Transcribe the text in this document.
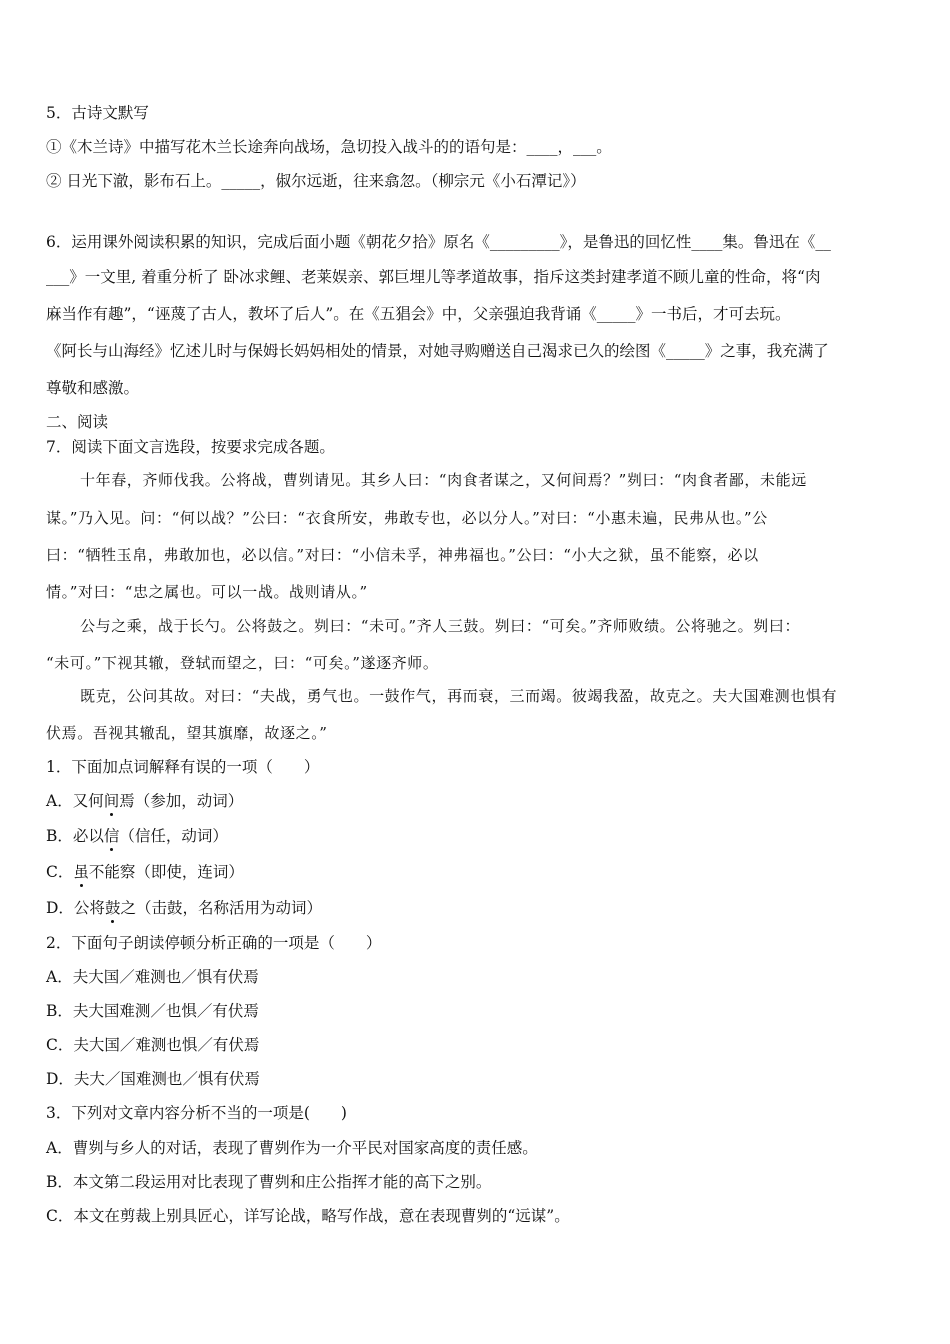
5．古诗文默写
①《木兰诗》中描写花木兰长途奔向战场，急切投入战斗的的语句是：____，___。
② 日光下澈，影布石上。_____，俶尔远逝，往来翕忽。（柳宗元《小石潭记》）
6．运用课外阅读积累的知识，完成后面小题《朝花夕拾》原名《_________》，是鲁迅的回忆性____集。鲁迅在《__
___》一文里, 着重分析了 卧冰求鲤、老莱娱亲、郭巨埋儿等孝道故事，指斥这类封建孝道不顾儿童的性命，将“肉
麻当作有趣”，“诬蔑了古人，教坏了后人”。在《五猖会》中，父亲强迫我背诵《_____》一书后，才可去玩。
《阿长与山海经》忆述儿时与保姆长妈妈相处的情景，对她寻购赠送自己渴求已久的绘图《_____》之事，我充满了
尊敬和感激。
二、阅读
7．阅读下面文言选段，按要求完成各题。
十年春，齐师伐我。公将战，曹刿请见。其乡人曰：“肉食者谋之，又何间焉？”刿曰：“肉食者鄙，未能远
谋。”乃入见。问：“何以战？”公曰：“衣食所安，弗敢专也，必以分人。”对曰：“小惠未遍，民弗从也。”公
曰：“牺牲玉帛，弗敢加也，必以信。”对曰：“小信未孚，神弗福也。”公曰：“小大之狱，虽不能察，必以
情。”对曰：“忠之属也。可以一战。战则请从。”
公与之乘，战于长勺。公将鼓之。刿曰：“未可。”齐人三鼓。刿曰：“可矣。”齐师败绩。公将驰之。刿曰：
“未可。”下视其辙，登轼而望之，曰：“可矣。”遂逐齐师。
既克，公问其故。对曰：“夫战，勇气也。一鼓作气，再而衰，三而竭。彼竭我盈，故克之。夫大国难测也惧有
伏焉。吾视其辙乱，望其旗靡，故逐之。”
1．下面加点词解释有误的一项（　　）
A．又何间焉（参加，动词）
B．必以信（信任，动词）
C．虽不能察（即使，连词）
D．公将鼓之（击鼓，名称活用为动词）
2．下面句子朗读停顿分析正确的一项是（　　）
A．夫大国／难测也／惧有伏焉
B．夫大国难测／也惧／有伏焉
C．夫大国／难测也惧／有伏焉
D．夫大／国难测也／惧有伏焉
3．下列对文章内容分析不当的一项是(　　)
A．曹刿与乡人的对话，表现了曹刿作为一介平民对国家高度的责任感。
B．本文第二段运用对比表现了曹刿和庄公指挥才能的高下之别。
C．本文在剪裁上别具匠心，详写论战，略写作战，意在表现曹刿的“远谋”。
